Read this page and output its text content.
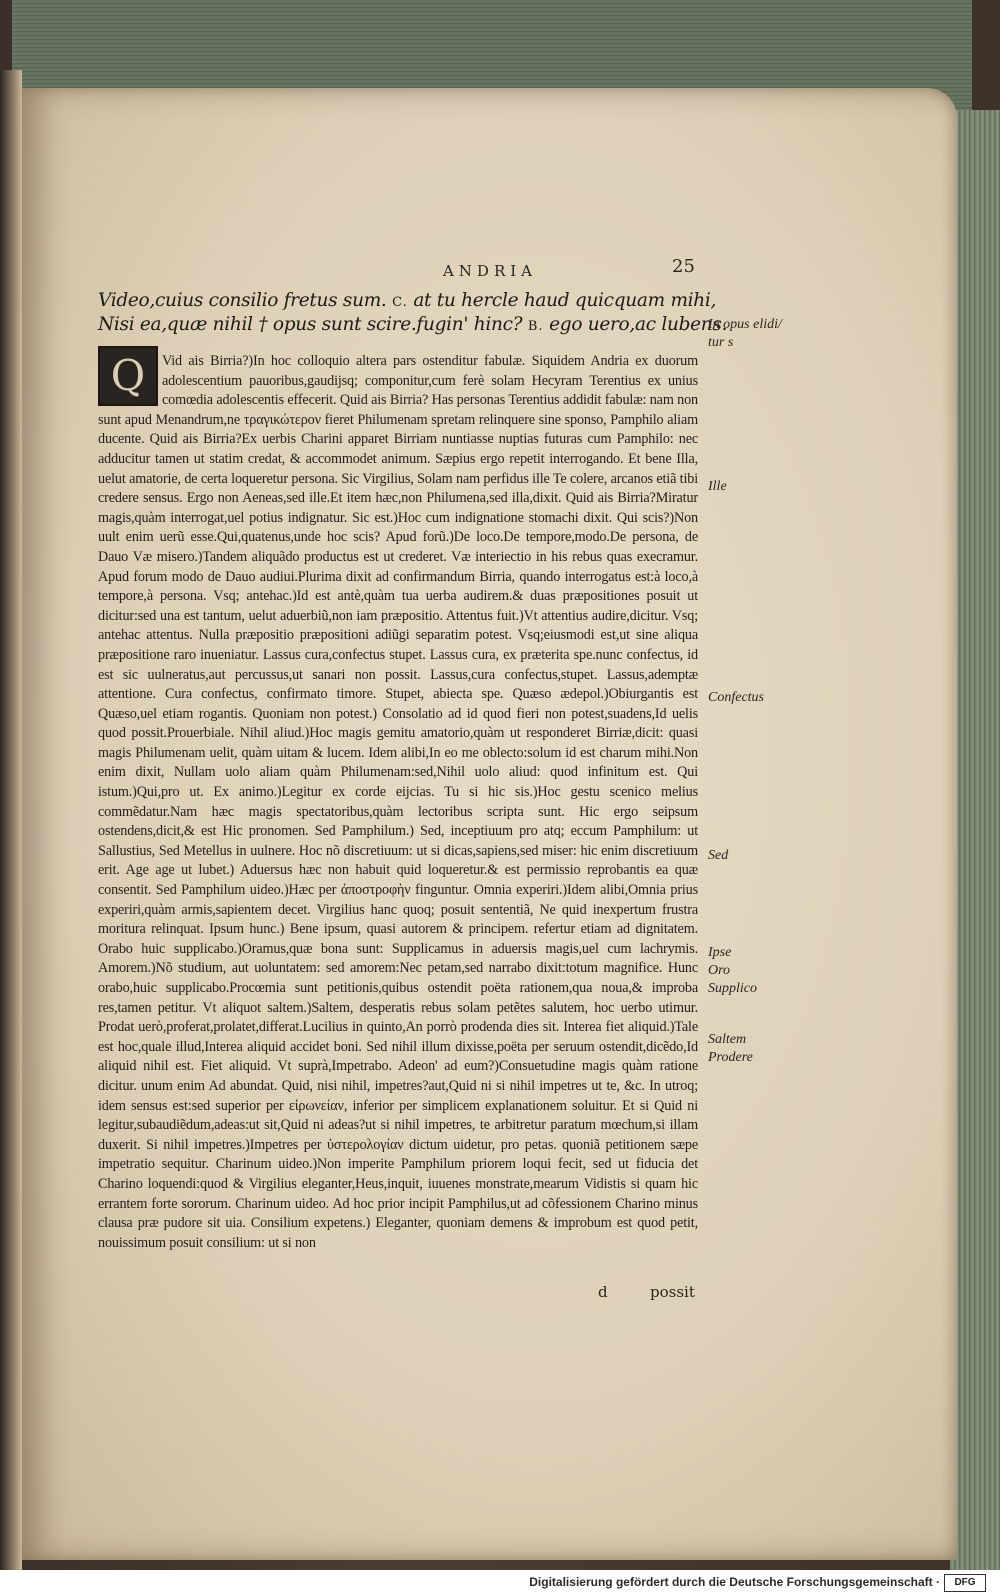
ANDRIA	25
Video,cuius consilio fretus sum. C. at tu hercle haud quicquam mihi,
Nisi ea,quæ nihil † opus sunt scire.fugin' hinc? B. ego uero,ac lubens.
Vid ais Birria?)In hoc colloquio altera pars ostenditur fabulæ. Siquidem Andria ex duorum adolescentium pauoribus,gaudijsq; componitur,cum ferè solam Hecyram Terentius ex unius comœdia adolescentis effecerit. Quid ais Birria? Has personas Terentius addidit fabulæ: nam non sunt apud Menandrum,ne τραγικώτερον fieret Philumenam spretam relinquere sine sponso, Pamphilo aliam ducente. Quid ais Birria?Ex uerbis Charini apparet Birriam nuntiasse nuptias futuras cum Pamphilo: nec adducitur tamen ut statim credat, & accommodet animum. Sæpius ergo repetit interrogando. Et bene Illa, uelut amatorie, de certa loqueretur persona. Sic Virgilius, Solam nam perfidus ille Te colere, arcanos etiã tibi credere sensus. Ergo non Aeneas,sed ille.Et item hæc,non Philumena,sed illa,dixit. Quid ais Birria?Miratur magis,quàm interrogat,uel potius indignatur. Sic est.)Hoc cum indignatione stomachi dixit. Qui scis?)Non uult enim uerũ esse.Qui,quatenus,unde hoc scis? Apud forũ.)De loco.De tempore,modo.De persona, de Dauo Væ misero.)Tandem aliquãdo productus est ut crederet. Væ interiectio in his rebus quas execramur. Apud forum modo de Dauo audiui.Plurima dixit ad confirmandum Birria, quando interrogatus est:à loco,à tempore,à persona. Vsq; antehac.)Id est antè,quàm tua uerba audirem.& duas præpositiones posuit ut dicitur:sed una est tantum, uelut aduerbiũ,non iam præpositio. Attentus fuit.)Vt attentius audire,dicitur. Vsq; antehac attentus. Nulla præpositio præpositioni adiũgi separatim potest. Vsq;eiusmodi est,ut sine aliqua præpositione raro inueniatur. Lassus cura,confectus stupet. Lassus cura, ex præterita spe.nunc confectus, id est sic uulneratus,aut percussus,ut sanari non possit. Lassus,cura confectus,stupet. Lassus,ademptæ attentione. Cura confectus, confirmato timore. Stupet, abiecta spe. Quæso ædepol.)Obiurgantis est Quæso,uel etiam rogantis. Quoniam non potest.) Consolatio ad id quod fieri non potest,suadens,Id uelis quod possit.Prouerbiale. Nihil aliud.)Hoc magis gemitu amatorio,quàm ut responderet Birriæ,dicit: quasi magis Philumenam uelit, quàm uitam & lucem. Idem alibi,In eo me oblecto:solum id est charum mihi.Non enim dixit, Nullam uolo aliam quàm Philumenam:sed,Nihil uolo aliud: quod infinitum est. Qui istum.)Qui,pro ut. Ex animo.)Legitur ex corde eijcias. Tu si hic sis.)Hoc gestu scenico melius commẽdatur.Nam hæc magis spectatoribus,quàm lectoribus scripta sunt. Hic ergo seipsum ostendens,dicit,& est Hic pronomen. Sed Pamphilum.) Sed, inceptiuum pro atq; eccum Pamphilum: ut Sallustius, Sed Metellus in uulnere. Hoc nõ discretiuum: ut si dicas,sapiens,sed miser: hic enim discretiuum erit. Age age ut lubet.) Aduersus hæc non habuit quid loqueretur.& est permissio reprobantis ea quæ consentit. Sed Pamphilum uideo.)Hæc per ἀποστροφὴν finguntur. Omnia experiri.)Idem alibi,Omnia prius experiri,quàm armis,sapientem decet. Virgilius hanc quoq; posuit sententiã, Ne quid inexpertum frustra moritura relinquat. Ipsum hunc.) Bene ipsum, quasi autorem & principem. refertur etiam ad dignitatem. Orabo huic supplicabo.)Oramus,quæ bona sunt: Supplicamus in aduersis magis,uel cum lachrymis. Amorem.)Nõ studium, aut uoluntatem: sed amorem:Nec petam,sed narrabo dixit:totum magnifice. Hunc orabo,huic supplicabo.Procœmia sunt petitionis,quibus ostendit poëta rationem,qua noua,& improba res,tamen petitur. Vt aliquot saltem.)Saltem, desperatis rebus solam petẽtes salutem, hoc uerbo utimur. Prodat uerò,proferat,prolatet,differat.Lucilius in quinto,An porrò prodenda dies sit. Interea fiet aliquid.)Tale est hoc,quale illud,Interea aliquid accidet boni. Sed nihil illum dixisse,poëta per seruum ostendit,dicẽdo,Id aliquid nihil est. Fiet aliquid. Vt suprà,Impetrabo. Adeon' ad eum?)Consuetudine magis quàm ratione dicitur. unum enim Ad abundat. Quid, nisi nihil, impetres?aut,Quid ni si nihil impetres ut te, &c. In utroq; idem sensus est:sed superior per εἰρωνείαν, inferior per simplicem explanationem soluitur. Et si Quid ni legitur,subaudiẽdum,adeas:ut sit,Quid ni adeas?ut si nihil impetres, te arbitretur paratum mœchum,si illam duxerit. Si nihil impetres.)Impetres per ὑστερολογίαν dictum uidetur, pro petas. quoniã petitionem sæpe impetratio sequitur. Charinum uideo.)Non imperite Pamphilum priorem loqui fecit, sed ut fiducia det Charino loquendi:quod & Virgilius eleganter,Heus,inquit, iuuenes monstrate,mearum Vidistis si quam hic errantem forte sororum. Charinum uideo. Ad hoc prior incipit Pamphilus,ut ad cõfessionem Charino minus clausa præ pudore sit uia. Consilium expetens.) Eleganter, quoniam demens & improbum est quod petit, nouissimum posuit consilium: ut si non
Q
In opus elidi/
tur s
Ille
Confectus
Sed
Ipse
Oro
Supplico
Saltem
Prodere
d	possit
Digitalisierung gefördert durch die Deutsche Forschungsgemeinschaft ·	DFG
